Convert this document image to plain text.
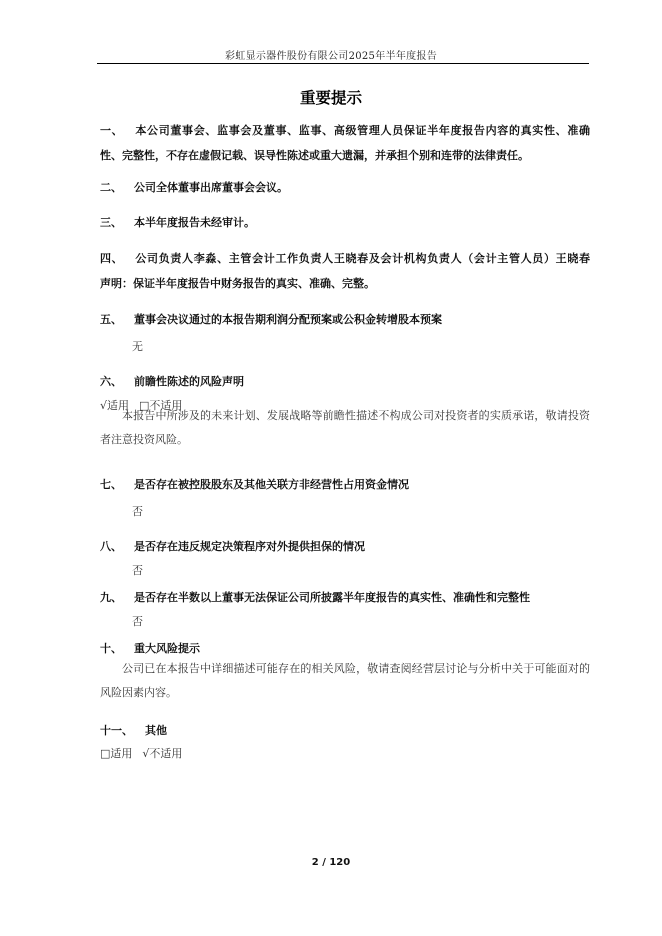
彩虹显示器件股份有限公司2025年半年度报告
重要提示
一、 本公司董事会、监事会及董事、监事、高级管理人员保证半年度报告内容的真实性、准确
性、完整性，不存在虚假记载、误导性陈述或重大遗漏，并承担个别和连带的法律责任。
二、 公司全体董事出席董事会会议。
三、 本半年度报告未经审计。
四、 公司负责人李淼、主管会计工作负责人王晓春及会计机构负责人（会计主管人员）王晓春
声明：保证半年度报告中财务报告的真实、准确、完整。
五、 董事会决议通过的本报告期利润分配预案或公积金转增股本预案
无
六、 前瞻性陈述的风险声明
√适用 □不适用
本报告中所涉及的未来计划、发展战略等前瞻性描述不构成公司对投资者的实质承诺，敬请投资者注意投资风险。
七、 是否存在被控股股东及其他关联方非经营性占用资金情况
否
八、 是否存在违反规定决策程序对外提供担保的情况
否
九、 是否存在半数以上董事无法保证公司所披露半年度报告的真实性、准确性和完整性
否
十、 重大风险提示
公司已在本报告中详细描述可能存在的相关风险，敬请查阅经营层讨论与分析中关于可能面对的风险因素内容。
十一、 其他
□适用 √不适用
2 / 120
